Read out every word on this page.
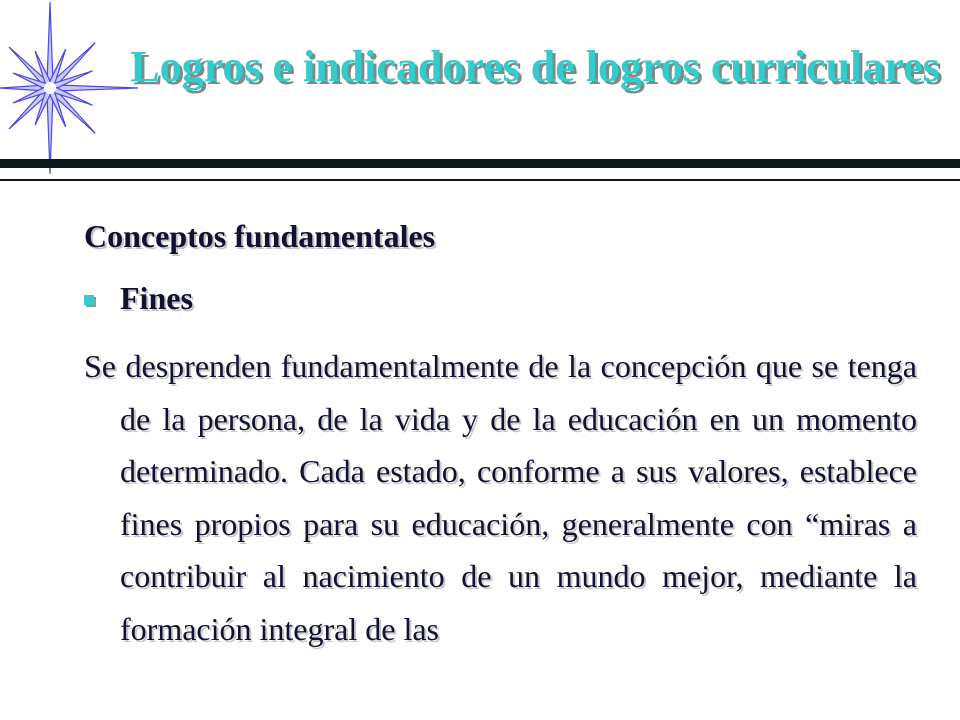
Logros e indicadores de logros curriculares
Conceptos fundamentales
Fines

Se desprenden fundamentalmente de la concepción que se tenga de la persona, de la vida y de la educación en un momento determinado. Cada estado, conforme a sus valores, establece fines propios para su educación, generalmente con “miras a contribuir al nacimiento de un mundo mejor, mediante la formación integral de las
